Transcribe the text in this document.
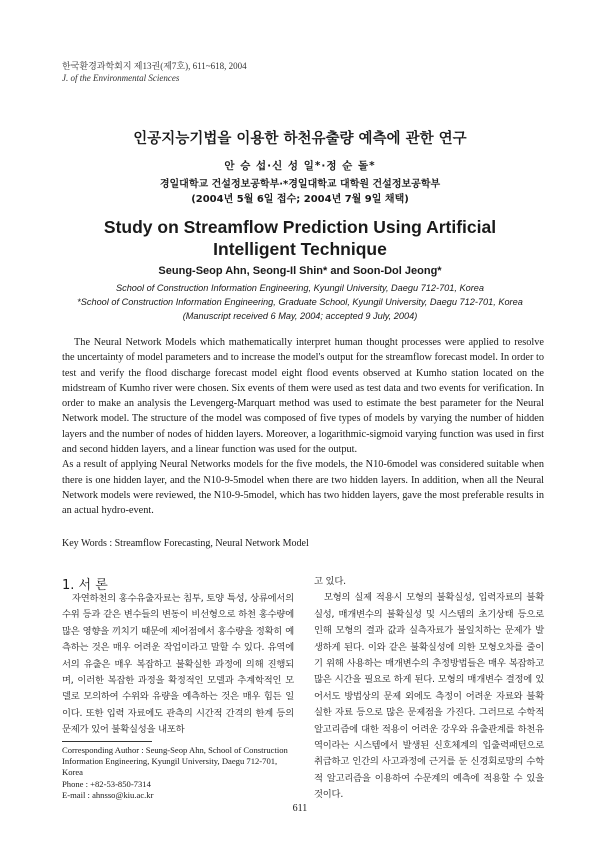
한국환경과학회지 제13권(제7호), 611~618, 2004
J. of the Environmental Sciences
인공지능기법을 이용한 하천유출량 예측에 관한 연구
안 승 섭·신 성 일*·정 순 돌*
경일대학교 건설정보공학부·*경일대학교 대학원 건설정보공학부
(2004년 5월 6일 접수; 2004년 7월 9일 채택)
Study on Streamflow Prediction Using Artificial
Intelligent Technique
Seung-Seop Ahn, Seong-Il Shin* and Soon-Dol Jeong*
School of Construction Information Engineering, Kyungil University, Daegu 712-701, Korea
*School of Construction Information Engineering, Graduate School, Kyungil University, Daegu 712-701, Korea
(Manuscript received 6 May, 2004; accepted 9 July, 2004)

The Neural Network Models which mathematically interpret human thought processes were applied to resolve the uncertainty of model parameters and to increase the model's output for the streamflow forecast model. In order to test and verify the flood discharge forecast model eight flood events observed at Kumho station located on the midstream of Kumho river were chosen. Six events of them were used as test data and two events for verification. In order to make an analysis the Levengerg-Marquart method was used to estimate the best parameter for the Neural Network model. The structure of the model was composed of five types of models by varying the number of hidden layers and the number of nodes of hidden layers. Moreover, a logarithmic-sigmoid varying function was used in first and second hidden layers, and a linear function was used for the output.

As a result of applying Neural Networks models for the five models, the N10-6model was considered suitable when there is one hidden layer, and the N10-9-5model when there are two hidden layers. In addition, when all the Neural Network models were reviewed, the N10-9-5model, which has two hidden layers, gave the most preferable results in an actual hydro-event.

Key Words : Streamflow Forecasting, Neural Network Model
1. 서 론

자연하천의 홍수유출자료는 침투, 토양 특성, 상류에서의 수위 등과 같은 변수들의 변동이 비선형으로 하천 홍수량에 많은 영향을 끼치기 때문에 제어점에서 홍수량을 정확히 예측하는 것은 매우 어려운 작업이라고 말할 수 있다. 유역에서의 유출은 매우 복잡하고 불확실한 과정에 의해 진행되며, 이러한 복잡한 과정을 확정적인 모델과 추계학적인 모델로 모의하여 수위와 유량을 예측하는 것은 매우 힘든 일이다. 또한 입력 자료에도 관측의 시간적 간격의 한계 등의 문제가 있어 불확실성을 내포하

고 있다.

모형의 실제 적용시 모형의 불확실성, 입력자료의 불확실성, 매개변수의 불확실성 및 시스템의 초기상태 등으로 인해 모형의 결과 값과 실측자료가 불일치하는 문제가 발생하게 된다. 이와 같은 불확실성에 의한 모형오차를 줄이기 위해 사용하는 매개변수의 추정방법들은 매우 복잡하고 많은 시간을 필요로 하게 된다. 모형의 매개변수 결정에 있어서도 방법상의 문제 외에도 측정이 어려운 자료와 불확실한 자료 등으로 많은 문제점을 가진다. 그러므로 수학적 알고리즘에 대한 적용이 어려운 강우와 유출관계를 하천유역이라는 시스템에서 발생된 신호체계의 입출력패턴으로 취급하고 인간의 사고과정에 근거를 둔 신경회로망의 수학적 알고리즘을 이용하여 수문계의 예측에 적용할 수 있을 것이다.

Corresponding Author : Seung-Seop Ahn, School of Construction Information Engineering, Kyungil University, Daegu 712-701, Korea
Phone : +82-53-850-7314
E-mail : ahnsso@kiu.ac.kr
611
